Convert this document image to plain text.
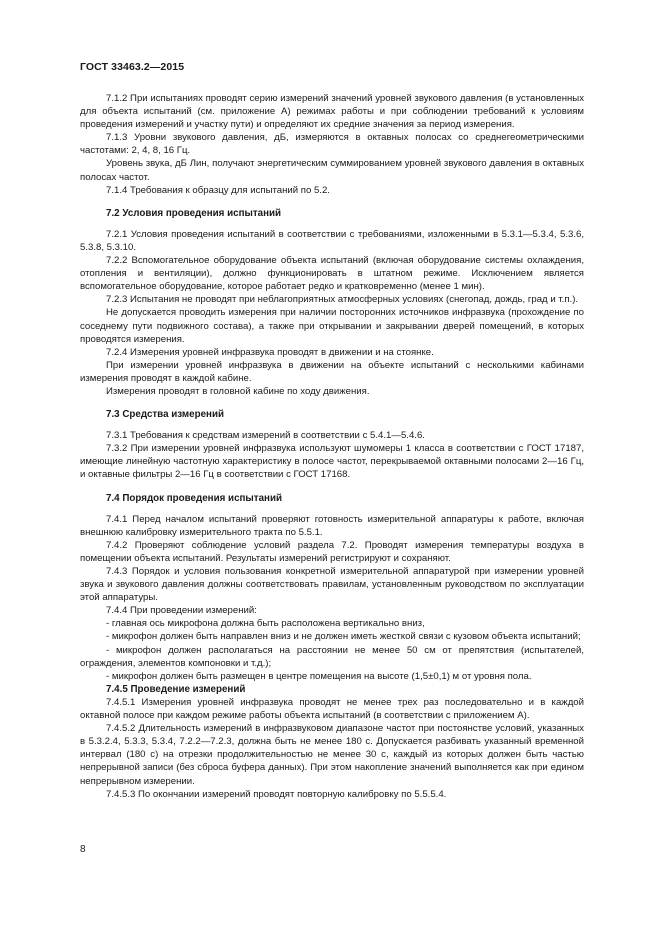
ГОСТ 33463.2—2015

7.1.2 При испытаниях проводят серию измерений значений уровней звукового давления (в установленных для объекта испытаний (см. приложение А) режимах работы и при соблюдении требований к условиям проведения измерений и участку пути) и определяют их средние значения за период измерения.

7.1.3 Уровни звукового давления, дБ, измеряются в октавных полосах со среднегеометрическими частотами: 2, 4, 8, 16 Гц.

Уровень звука, дБ Лин, получают энергетическим суммированием уровней звукового давления в октавных полосах частот.

7.1.4 Требования к образцу для испытаний по 5.2.

7.2 Условия проведения испытаний

7.2.1 Условия проведения испытаний в соответствии с требованиями, изложенными в 5.3.1—5.3.4, 5.3.6, 5.3.8, 5.3.10.

7.2.2 Вспомогательное оборудование объекта испытаний (включая оборудование системы охлаждения, отопления и вентиляции), должно функционировать в штатном режиме. Исключением является вспомогательное оборудование, которое работает редко и кратковременно (менее 1 мин).

7.2.3 Испытания не проводят при неблагоприятных атмосферных условиях (снегопад, дождь, град и т.п.).

Не допускается проводить измерения при наличии посторонних источников инфразвука (прохождение по соседнему пути подвижного состава), а также при открывании и закрывании дверей помещений, в которых проводятся измерения.

7.2.4 Измерения уровней инфразвука проводят в движении и на стоянке.

При измерении уровней инфразвука в движении на объекте испытаний с несколькими кабинами измерения проводят в каждой кабине.

Измерения проводят в головной кабине по ходу движения.

7.3 Средства измерений

7.3.1 Требования к средствам измерений в соответствии с 5.4.1—5.4.6.

7.3.2 При измерении уровней инфразвука используют шумомеры 1 класса в соответствии с ГОСТ 17187, имеющие линейную частотную характеристику в полосе частот, перекрываемой октавными полосами 2—16 Гц, и октавные фильтры 2—16 Гц в соответствии с ГОСТ 17168.

7.4 Порядок проведения испытаний

7.4.1 Перед началом испытаний проверяют готовность измерительной аппаратуры к работе, включая внешнюю калибровку измерительного тракта по 5.5.1.

7.4.2 Проверяют соблюдение условий раздела 7.2. Проводят измерения температуры воздуха в помещении объекта испытаний. Результаты измерений регистрируют и сохраняют.

7.4.3 Порядок и условия пользования конкретной измерительной аппаратурой при измерении уровней звука и звукового давления должны соответствовать правилам, установленным руководством по эксплуатации этой аппаратуры.

7.4.4 При проведении измерений:

- главная ось микрофона должна быть расположена вертикально вниз,

- микрофон должен быть направлен вниз и не должен иметь жесткой связи с кузовом объекта испытаний;

- микрофон должен располагаться на расстоянии не менее 50 см от препятствия (испытателей, ограждения, элементов компоновки и т.д.);

- микрофон должен быть размещен в центре помещения на высоте (1,5±0,1) м от уровня пола.

7.4.5 Проведение измерений

7.4.5.1 Измерения уровней инфразвука проводят не менее трех раз последовательно и в каждой октавной полосе при каждом режиме работы объекта испытаний (в соответствии с приложением А).

7.4.5.2 Длительность измерений в инфразвуковом диапазоне частот при постоянстве условий, указанных в 5.3.2.4, 5.3.3, 5.3.4, 7.2.2—7.2.3, должна быть не менее 180 с. Допускается разбивать указанный временной интервал (180 с) на отрезки продолжительностью не менее 30 с, каждый из которых должен быть частью непрерывной записи (без сброса буфера данных). При этом накопление значений выполняется как при едином непрерывном измерении.

7.4.5.3 По окончании измерений проводят повторную калибровку по 5.5.5.4.

8
